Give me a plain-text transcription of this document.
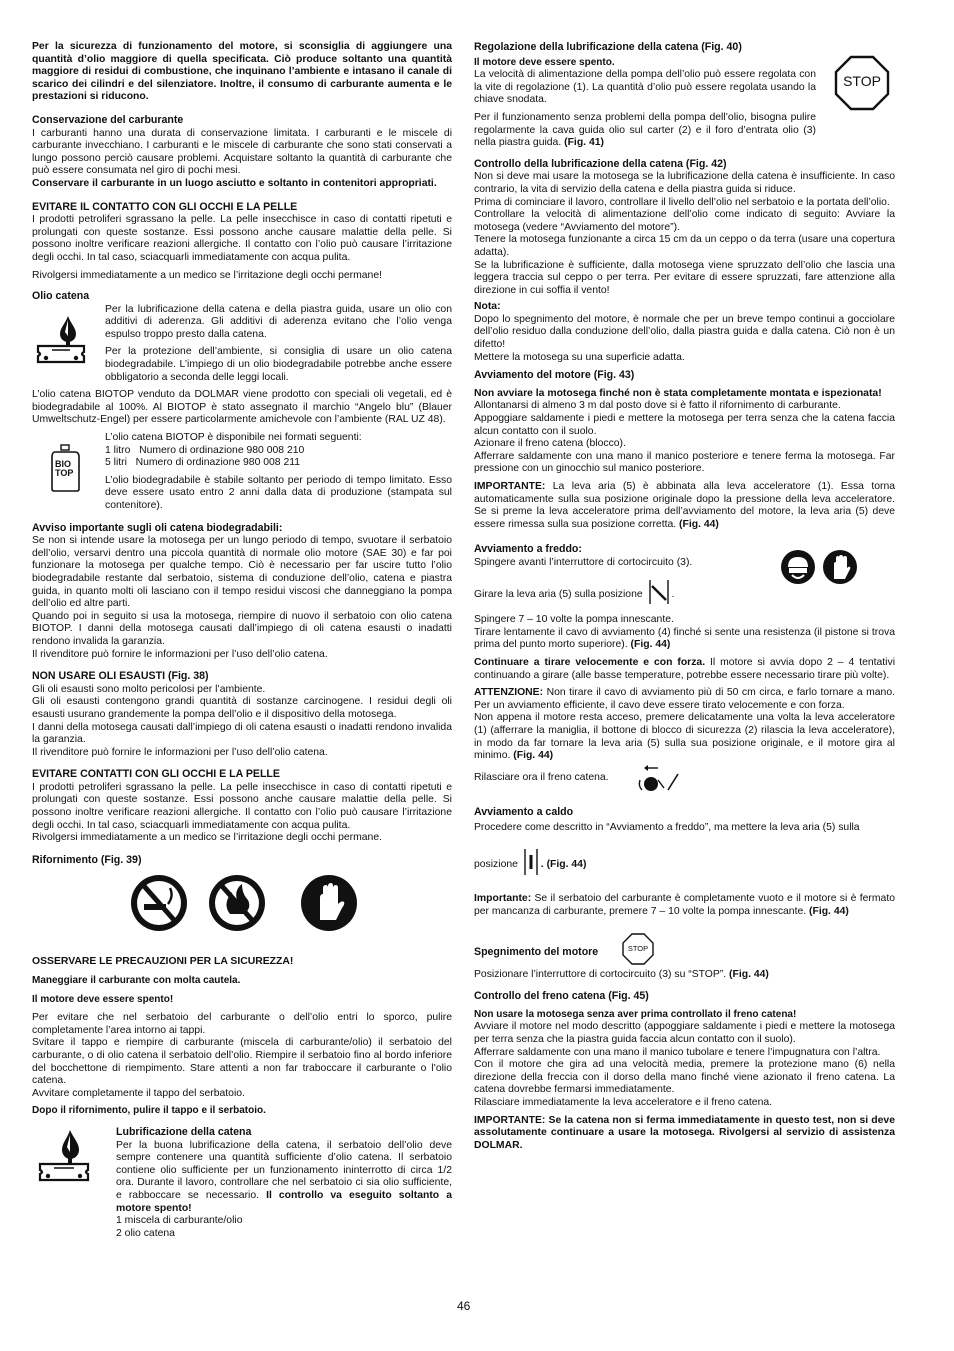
Per la sicurezza di funzionamento del motore, si sconsiglia di aggiungere una quantità d’olio maggiore di quella specificata. Ciò produce soltanto una quantità maggiore di residui di combustione, che inquinano l’ambiente e intasano il canale di scarico dei cilindri e del silenziatore. Inoltre, il consumo di carburante aumenta e le prestazioni si riducono.

Conservazione del carburante

I carburanti hanno una durata di conservazione limitata. I carburanti e le miscele di carburante invecchiano. I carburanti e le miscele di carburante che sono stati conservati a lungo possono perciò causare problemi. Acquistare soltanto la quantità di carburante che può essere consumata nel giro di pochi mesi.

Conservare il carburante in un luogo asciutto e soltanto in contenitori appropriati.

EVITARE IL CONTATTO CON GLI OCCHI E LA PELLE

I prodotti petroliferi sgrassano la pelle. La pelle insecchisce in caso di contatti ripetuti e prolungati con queste sostanze. Essi possono anche causare malattie della pelle. Si possono inoltre verificare reazioni allergiche. Il contatto con l’olio può causare l’irritazione degli occhi. In tal caso, sciacquarli immediatamente con acqua pulita.

Rivolgersi immediatamente a un medico se l’irritazione degli occhi permane!

Olio catena

Per la lubrificazione della catena e della piastra guida, usare un olio con additivi di aderenza. Gli additivi di aderenza evitano che l’olio venga espulso troppo presto dalla catena.

Per la protezione dell’ambiente, si consiglia di usare un olio catena biodegradabile. L’impiego di un olio biodegradabile potrebbe anche essere obbligatorio a seconda delle leggi locali.

L’olio catena BIOTOP venduto da DOLMAR viene prodotto con speciali oli vegetali, ed è biodegradabile al 100%. Al BIOTOP è stato assegnato il marchio “Angelo blu” (Blauer Umweltschutz-Engel) per essere particolarmente amichevole con l’ambiente (RAL UZ 48).

BIO
TOP

L’olio catena BIOTOP è disponibile nei formati seguenti:

1 litro   Numero di ordinazione 980 008 210
5 litri   Numero di ordinazione 980 008 211

L’olio biodegradabile è stabile soltanto per periodo di tempo limitato. Esso deve essere usato entro 2 anni dalla data di produzione (stampata sul contenitore).

Avviso importante sugli oli catena biodegradabili:

Se non si intende usare la motosega per un lungo periodo di tempo, svuotare il serbatoio dell’olio, versarvi dentro una piccola quantità di normale olio motore (SAE 30) e far poi funzionare la motosega per qualche tempo. Ciò è necessario per far uscire tutto l’olio biodegradabile restante dal serbatoio, sistema di conduzione dell’olio, catena e piastra guida, in quanto molti oli lasciano con il tempo residui viscosi che danneggiano la pompa dell’olio ed altre parti.

Quando poi in seguito si usa la motosega, riempire di nuovo il serbatoio con olio catena BIOTOP. I danni della motosega causati dall’impiego di oli catena esausti o inadatti rendono invalida la garanzia.

Il rivenditore può fornire le informazioni per l’uso dell’olio catena.

NON USARE OLI ESAUSTI (Fig. 38)

Gli oli esausti sono molto pericolosi per l’ambiente.

Gli oli esausti contengono grandi quantità di sostanze carcinogene. I residui degli oli esausti usurano grandemente la pompa dell’olio e il dispositivo della motosega.

I danni della motosega causati dall’impiego di oli catena esausti o inadatti rendono invalida la garanzia.

Il rivenditore può fornire le informazioni per l’uso dell’olio catena.

EVITARE CONTATTI CON GLI OCCHI E LA PELLE

I prodotti petroliferi sgrassano la pelle. La pelle insecchisce in caso di contatti ripetuti e prolungati con queste sostanze. Essi possono anche causare malattie della pelle. Si possono inoltre verificare reazioni allergiche. Il contatto con l’olio può causare l’irritazione degli occhi. In tal caso, sciacquarli immediatamente con acqua pulita.

Rivolgersi immediatamente a un medico se l’irritazione degli occhi permane.

Rifornimento (Fig. 39)

OSSERVARE LE PRECAUZIONI PER LA SICUREZZA!

Maneggiare il carburante con molta cautela.

Il motore deve essere spento!

Per evitare che nel serbatoio del carburante o dell’olio entri lo sporco, pulire completamente l’area intorno ai tappi.

Svitare il tappo e riempire di carburante (miscela di carburante/olio) il serbatoio del carburante, o di olio catena il serbatoio dell’olio. Riempire il serbatoio fino al bordo inferiore del bocchettone di riempimento. Stare attenti a non far traboccare il carburante o l’olio catena.

Avvitare completamente il tappo del serbatoio.

Dopo il rifornimento, pulire il tappo e il serbatoio.

Lubrificazione della catena

Per la buona lubrificazione della catena, il serbatoio dell’olio deve sempre contenere una quantità sufficiente d’olio catena. Il serbatoio contiene olio sufficiente per un funzionamento ininterrotto di circa 1/2 ora. Durante il lavoro, controllare che nel serbatoio ci sia olio sufficiente, e rabboccare se necessario. Il controllo va eseguito soltanto a motore spento!

1 miscela di carburante/olio
2 olio catena
Regolazione della lubrificazione della catena (Fig. 40)

Il motore deve essere spento.

La velocità di alimentazione della pompa dell’olio può essere regolata con la vite di regolazione (1). La quantità d’olio può essere regolata usando la chiave snodata.

Per il funzionamento senza problemi della pompa dell’olio, bisogna pulire regolarmente la cava guida olio sul carter (2) e il foro d’entrata olio (3) nella piastra guida. (Fig. 41)

STOP
Controllo della lubrificazione della catena (Fig. 42)

Non si deve mai usare la motosega se la lubrificazione della catena è insufficiente. In caso contrario, la vita di servizio della catena e della piastra guida si riduce.

Prima di cominciare il lavoro, controllare il livello dell’olio nel serbatoio e la portata dell’olio.

Controllare la velocità di alimentazione dell’olio come indicato di seguito: Avviare la motosega (vedere “Avviamento del motore”).

Tenere la motosega funzionante a circa 15 cm da un ceppo o da terra (usare una copertura adatta).

Se la lubrificazione è sufficiente, dalla motosega viene spruzzato dell’olio che lascia una leggera traccia sul ceppo o per terra. Per evitare di essere spruzzati, fare attenzione alla direzione in cui soffia il vento!

Nota:

Dopo lo spegnimento del motore, è normale che per un breve tempo continui a gocciolare dell’olio residuo dalla conduzione dell’olio, dalla piastra guida e dalla catena. Ciò non è un difetto!

Mettere la motosega su una superficie adatta.

Avviamento del motore (Fig. 43)

Non avviare la motosega finché non è stata completamente montata e ispezionata!

Allontanarsi di almeno 3 m dal posto dove si è fatto il rifornimento di carburante.

Appoggiare saldamente i piedi e mettere la motosega per terra senza che la catena faccia alcun contatto con il suolo.

Azionare il freno catena (blocco).

Afferrare saldamente con una mano il manico posteriore e tenere ferma la motosega. Far pressione con un ginocchio sul manico posteriore.

IMPORTANTE: La leva aria (5) è abbinata alla leva acceleratore (1). Essa torna automaticamente sulla sua posizione originale dopo la pressione della leva acceleratore. Se si preme la leva acceleratore prima dell’avviamento del motore, la leva aria (5) deve essere rimessa sulla sua posizione corretta. (Fig. 44)

Avviamento a freddo:

Spingere avanti l’interruttore di cortocircuito (3).

Girare la leva aria (5) sulla posizione	.

Spingere 7 – 10 volte la pompa innescante.

Tirare lentamente il cavo di avviamento (4) finché si sente una resistenza (il pistone si trova prima del punto morto superiore). (Fig. 44)

Continuare a tirare velocemente e con forza. Il motore si avvia dopo 2 – 4 tentativi continuando a girare (alle basse temperature, potrebbe essere necessario tirare più volte).

ATTENZIONE: Non tirare il cavo di avviamento più di 50 cm circa, e farlo tornare a mano. Per un avviamento efficiente, il cavo deve essere tirato velocemente e con forza.

Non appena il motore resta acceso, premere delicatamente una volta la leva acceleratore (1) (afferrare la maniglia, il bottone di blocco di sicurezza (2) rilascia la leva acceleratore), in modo da far tornare la leva aria (5) sulla sua posizione originale, e il motore gira al minimo. (Fig. 44)

Rilasciare ora il freno catena.
Avviamento a caldo

Procedere come descritto in “Avviamento a freddo”, ma mettere la leva aria (5) sulla

posizione . (Fig. 44)

Importante: Se il serbatoio del carburante è completamente vuoto e il motore si è fermato per mancanza di carburante, premere 7 – 10 volte la pompa innescante. (Fig. 44)

Spegnimento del motore	STOP

Posizionare l’interruttore di cortocircuito (3) su “STOP”. (Fig. 44)

Controllo del freno catena (Fig. 45)

Non usare la motosega senza aver prima controllato il freno catena!

Avviare il motore nel modo descritto (appoggiare saldamente i piedi e mettere la motosega per terra senza che la piastra guida faccia alcun contatto con il suolo).

Afferrare saldamente con una mano il manico tubolare e tenere l’impugnatura con l’altra.

Con il motore che gira ad una velocità media, premere la protezione mano (6) nella direzione della freccia con il dorso della mano finché viene azionato il freno catena. La catena dovrebbe fermarsi immediatamente.

Rilasciare immediatamente la leva acceleratore e il freno catena.

IMPORTANTE: Se la catena non si ferma immediatamente in questo test, non si deve assolutamente continuare a usare la motosega. Rivolgersi al servizio di assistenza DOLMAR.

46
